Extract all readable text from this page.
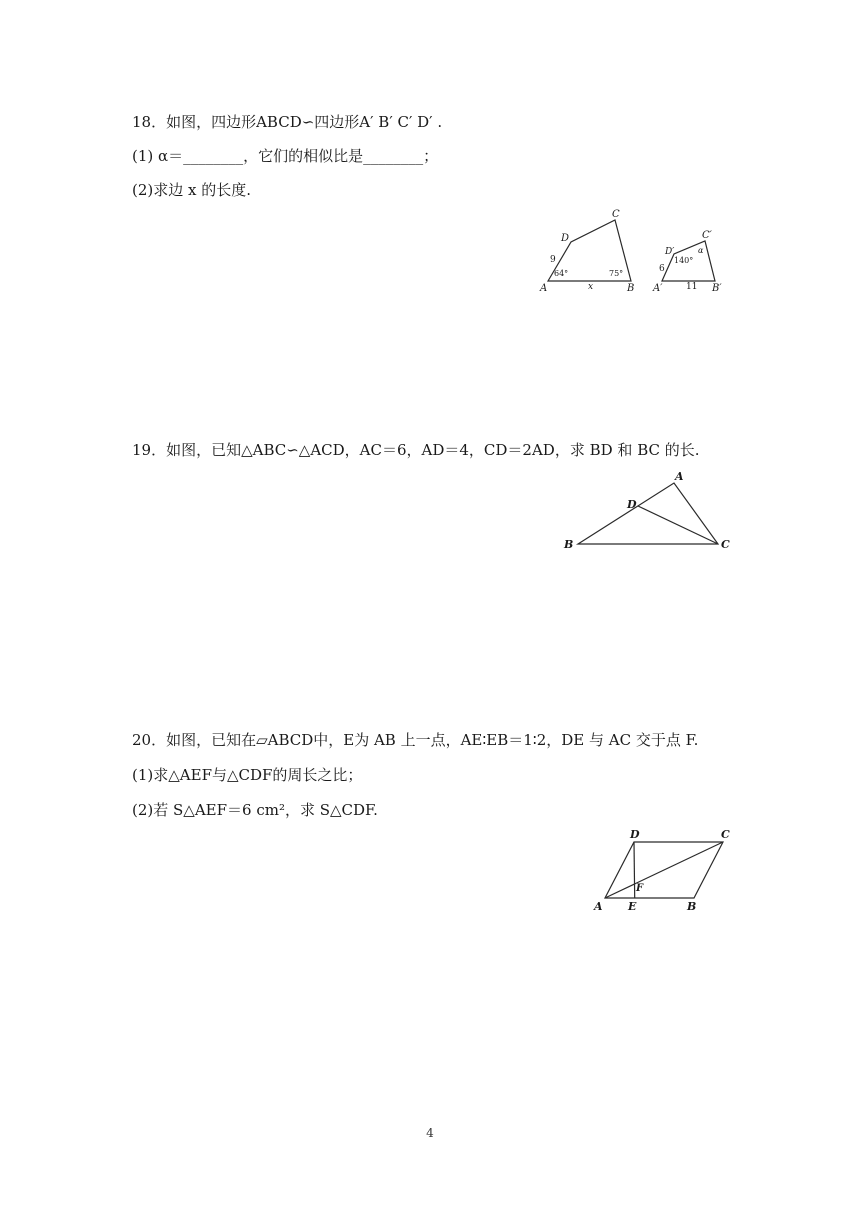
18．如图，四边形ABCD∽四边形A′ B′ C′ D′ .
(1) α＝________，它们的相似比是________；
(2)求边 x 的长度.
A	B
C
D
9
64°	75°
x	A′	B′
C′
D′
6
140°
α
11
19．如图，已知△ABC∽△ACD，AC＝6，AD＝4，CD＝2AD，求 BD 和 BC 的长.
A
B	C
D
20．如图，已知在▱ABCD中，E为 AB 上一点，AE∶EB＝1∶2，DE 与 AC 交于点 F.
(1)求△AEF与△CDF的周长之比；
(2)若 S△AEF＝6 cm²，求 S△CDF.
A	B
C
D
E
F
4
